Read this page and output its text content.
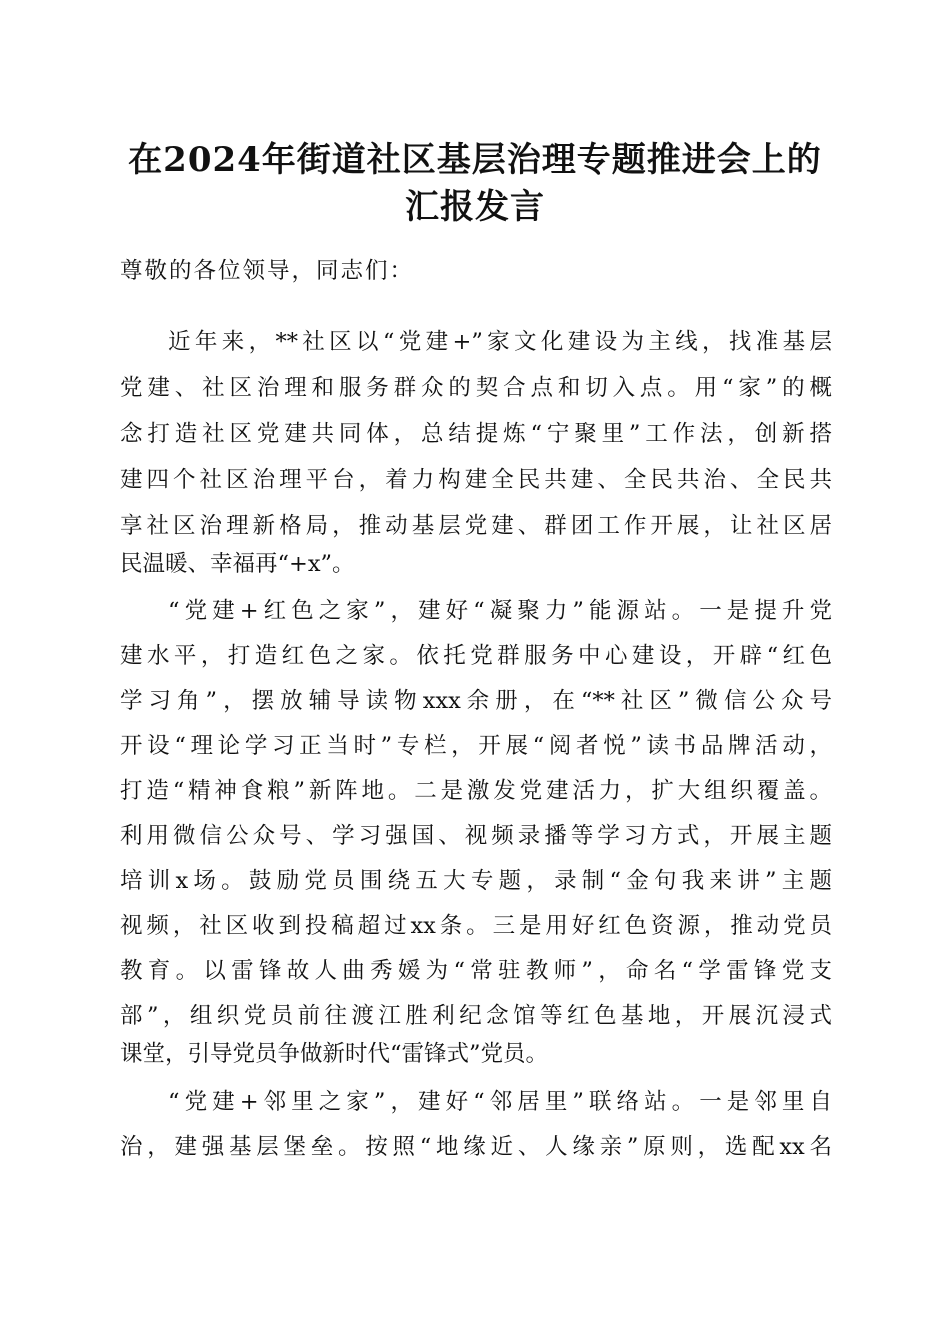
在2024年街道社区基层治理专题推进会上的
汇报发言
尊敬的各位领导，同志们：
近年来，**社区以“党建+”家文化建设为主线，找准基层
党建、社区治理和服务群众的契合点和切入点。用“家”的概
念打造社区党建共同体，总结提炼“宁聚里”工作法，创新搭
建四个社区治理平台，着力构建全民共建、全民共治、全民共
享社区治理新格局，推动基层党建、群团工作开展，让社区居
民温暖、幸福再“+x”。
“党建+红色之家”，建好“凝聚力”能源站。一是提升党
建水平，打造红色之家。依托党群服务中心建设，开辟“红色
学习角”，摆放辅导读物xxx余册，在“**社区”微信公众号
开设“理论学习正当时”专栏，开展“阅者悦”读书品牌活动，
打造“精神食粮”新阵地。二是激发党建活力，扩大组织覆盖。
利用微信公众号、学习强国、视频录播等学习方式，开展主题
培训x场。鼓励党员围绕五大专题，录制“金句我来讲”主题
视频，社区收到投稿超过xx条。三是用好红色资源，推动党员
教育。以雷锋故人曲秀媛为“常驻教师”，命名“学雷锋党支
部”，组织党员前往渡江胜利纪念馆等红色基地，开展沉浸式
课堂，引导党员争做新时代“雷锋式”党员。
“党建+邻里之家”，建好“邻居里”联络站。一是邻里自
治，建强基层堡垒。按照“地缘近、人缘亲”原则，选配xx名
